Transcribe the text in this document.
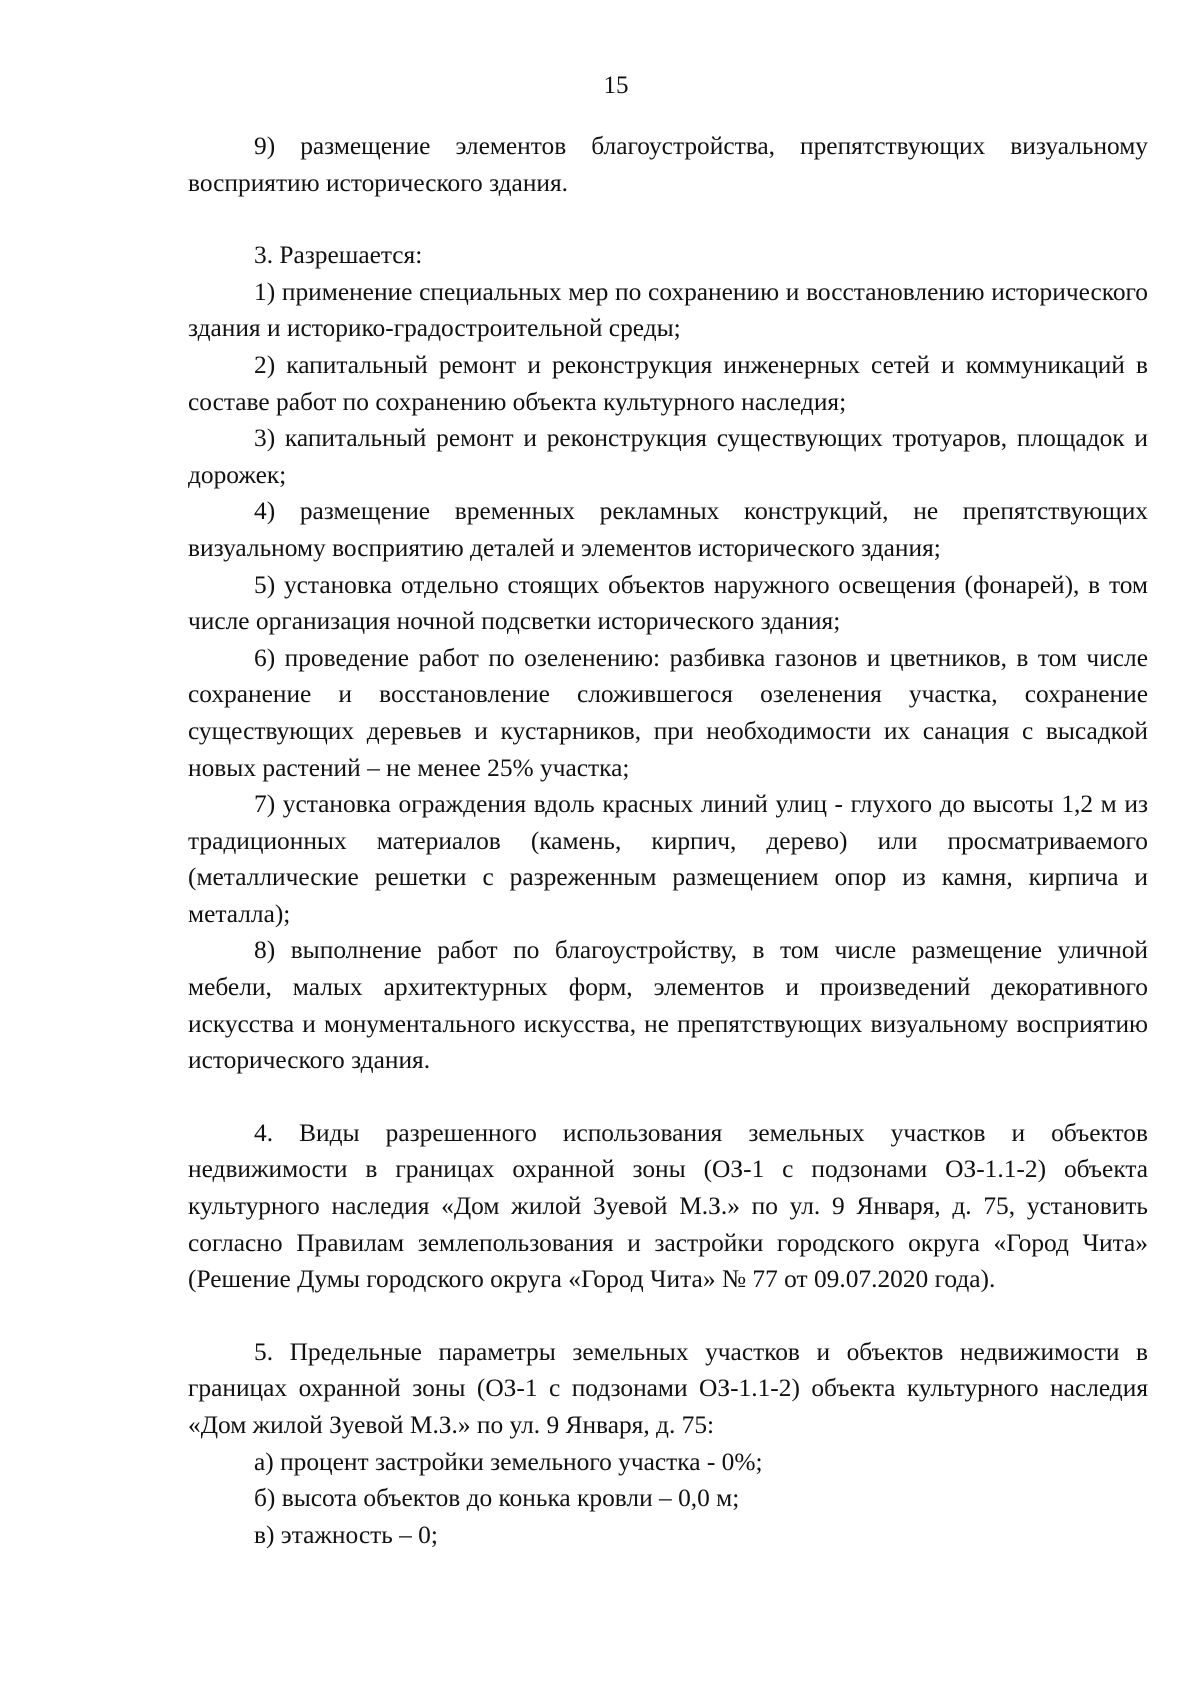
15

9) размещение элементов благоустройства, препятствующих визуальному восприятию исторического здания.

3. Разрешается:

1) применение специальных мер по сохранению и восстановлению исторического здания и историко-градостроительной среды;

2) капитальный ремонт и реконструкция инженерных сетей и коммуникаций в составе работ по сохранению объекта культурного наследия;

3) капитальный ремонт и реконструкция существующих тротуаров, площадок и дорожек;

4) размещение временных рекламных конструкций, не препятствующих визуальному восприятию деталей и элементов исторического здания;

5) установка отдельно стоящих объектов наружного освещения (фонарей), в том числе организация ночной подсветки исторического здания;

6) проведение работ по озеленению: разбивка газонов и цветников, в том числе сохранение и восстановление сложившегося озеленения участка, сохранение существующих деревьев и кустарников, при необходимости их санация с высадкой новых растений – не менее 25% участка;

7) установка ограждения вдоль красных линий улиц - глухого до высоты 1,2 м из традиционных материалов (камень, кирпич, дерево) или просматриваемого (металлические решетки с разреженным размещением опор из камня, кирпича и металла);

8) выполнение работ по благоустройству, в том числе размещение уличной мебели, малых архитектурных форм, элементов и произведений декоративного искусства и монументального искусства, не препятствующих визуальному восприятию исторического здания.

4. Виды разрешенного использования земельных участков и объектов недвижимости в границах охранной зоны (ОЗ-1 с подзонами ОЗ-1.1-2) объекта культурного наследия «Дом жилой Зуевой М.З.» по ул. 9 Января, д. 75, установить согласно Правилам землепользования и застройки городского округа «Город Чита» (Решение Думы городского округа «Город Чита» № 77 от 09.07.2020 года).

5. Предельные параметры земельных участков и объектов недвижимости в границах охранной зоны (ОЗ-1 с подзонами ОЗ-1.1-2) объекта культурного наследия «Дом жилой Зуевой М.З.» по ул. 9 Января, д. 75:

а) процент застройки земельного участка - 0%;

б) высота объектов до конька кровли – 0,0 м;

в) этажность – 0;
